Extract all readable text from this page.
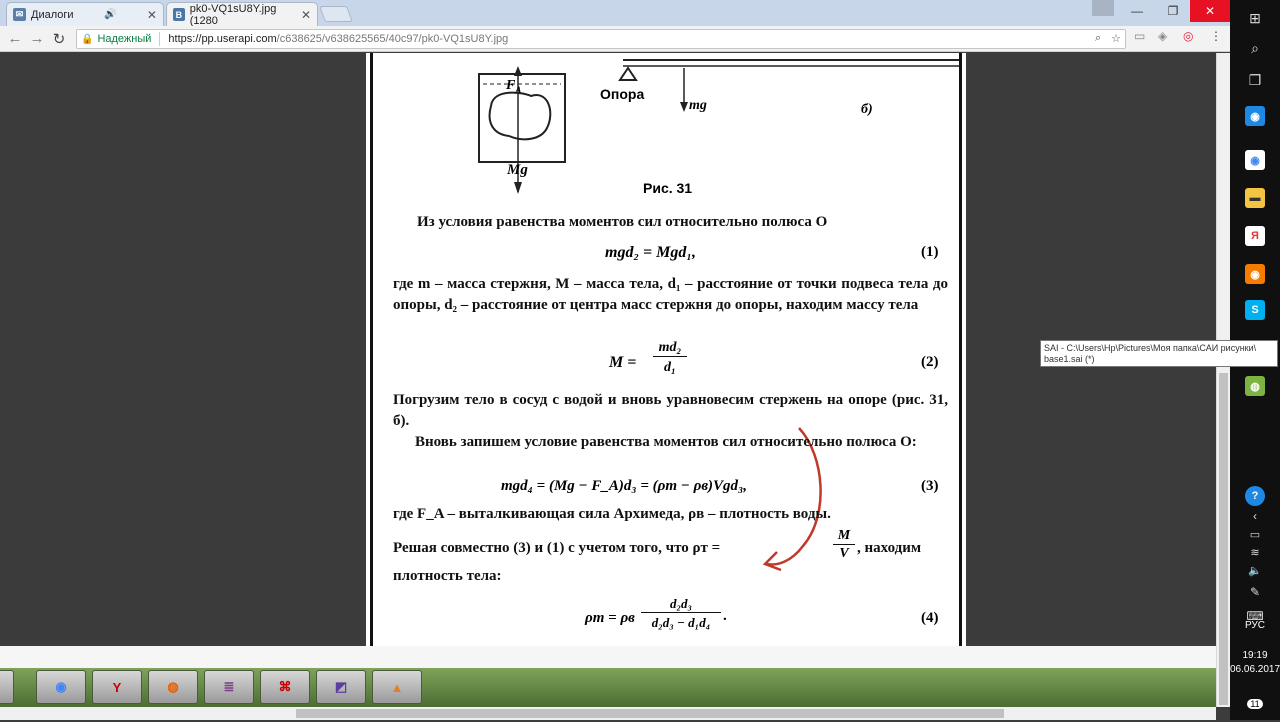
✉ Диалоги	🔊	✕ В pk0-VQ1sU8Y.jpg (1280	✕	—	❐	✕
← → ↻ 🔒 Надежный https://pp.userapi.com /c638625/v638625565/40c97/pk0-VQ1sU8Y.jpg	⌕ ☆ ▭ ◈ ◎ ⋮
$F_A$	Опора
mg	б)
Mg
Рис. 31
Из условия равенства моментов сил относительно полюса O
mgd₂ = Mgd₁,	(1)
где m – масса стержня, M – масса тела, d₁ – расстояние от точки подвеса тела до опоры, d₂ – расстояние от центра масс стержня до опоры, находим массу тела
M =
md₂
d₁	(2)
Погрузим тело в сосуд с водой и вновь уравновесим стержень на опоре (рис. 31, б).
Вновь запишем условие равенства моментов сил относительно полюса O:
mgd₄ = (Mg − F_A)d₃ = (ρт − ρв)Vgd₃,	(3)
где F_A – выталкивающая сила Архимеда, ρв – плотность воды.
Решая совместно (3) и (1) с учетом того, что ρт =
M
V , находим
плотность тела:
ρт = ρв
d₂d₃
d₂d₃ − d₁d₄ .	(4)
◉	Y	◍	≣	⌘	◩	▲
⊞
⌕
❐
◉
◉
▬
Я
◉
S
◍
?
‹
▭
≋
🔈
✎
⌨
РУС
19:19
06.06.2017
11
SAI - C:\Users\Hp\Pictures\Моя папка\САИ рисунки\
base1.sai (*)
